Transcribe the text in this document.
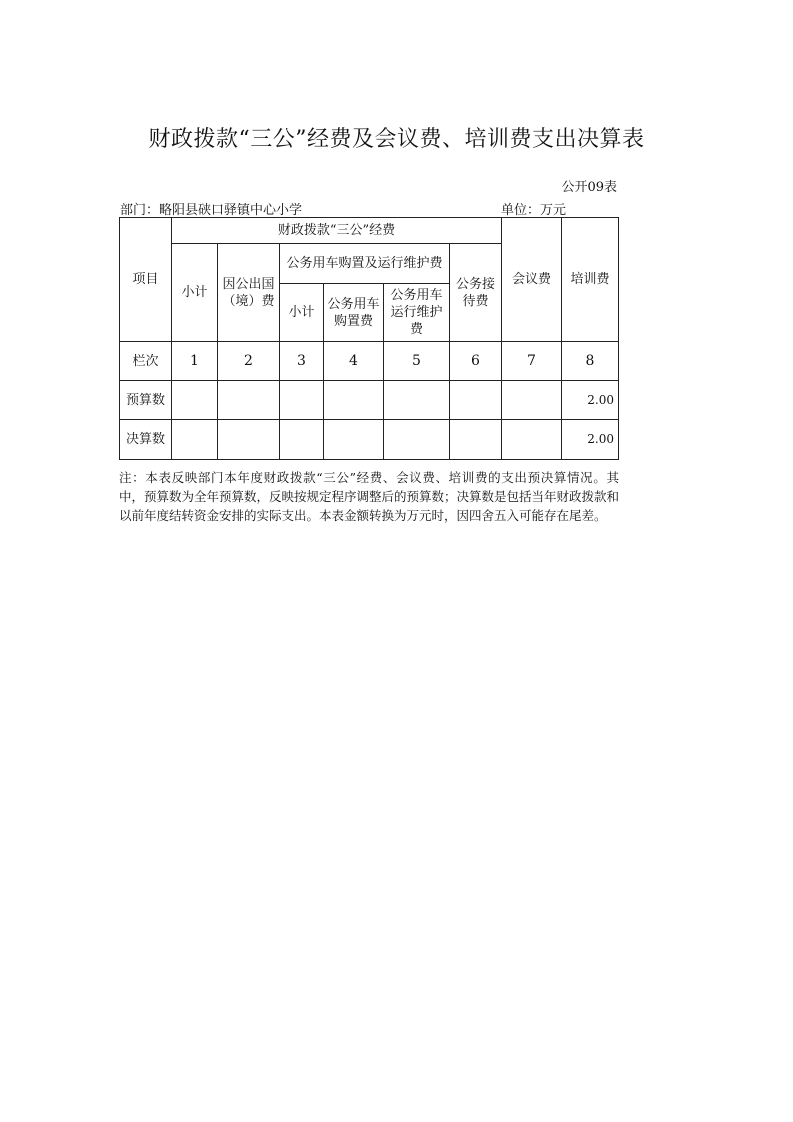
财政拨款“三公”经费及会议费、培训费支出决算表
公开09表
部门：略阳县硖口驿镇中心小学	单位：万元
项目	财政拨款“三公”经费						会议费	培训费
	小计	因公出国（境）费	公务用车购置及运行维护费			公务接待费		
			小计	公务用车购置费	公务用车运行维护费			
栏次	1	2	3	4	5	6	7	8
预算数								2.00
决算数								2.00
注：本表反映部门本年度财政拨款“三公”经费、会议费、培训费的支出预决算情况。其中，预算数为全年预算数，反映按规定程序调整后的预算数；决算数是包括当年财政拨款和以前年度结转资金安排的实际支出。本表金额转换为万元时，因四舍五入可能存在尾差。
